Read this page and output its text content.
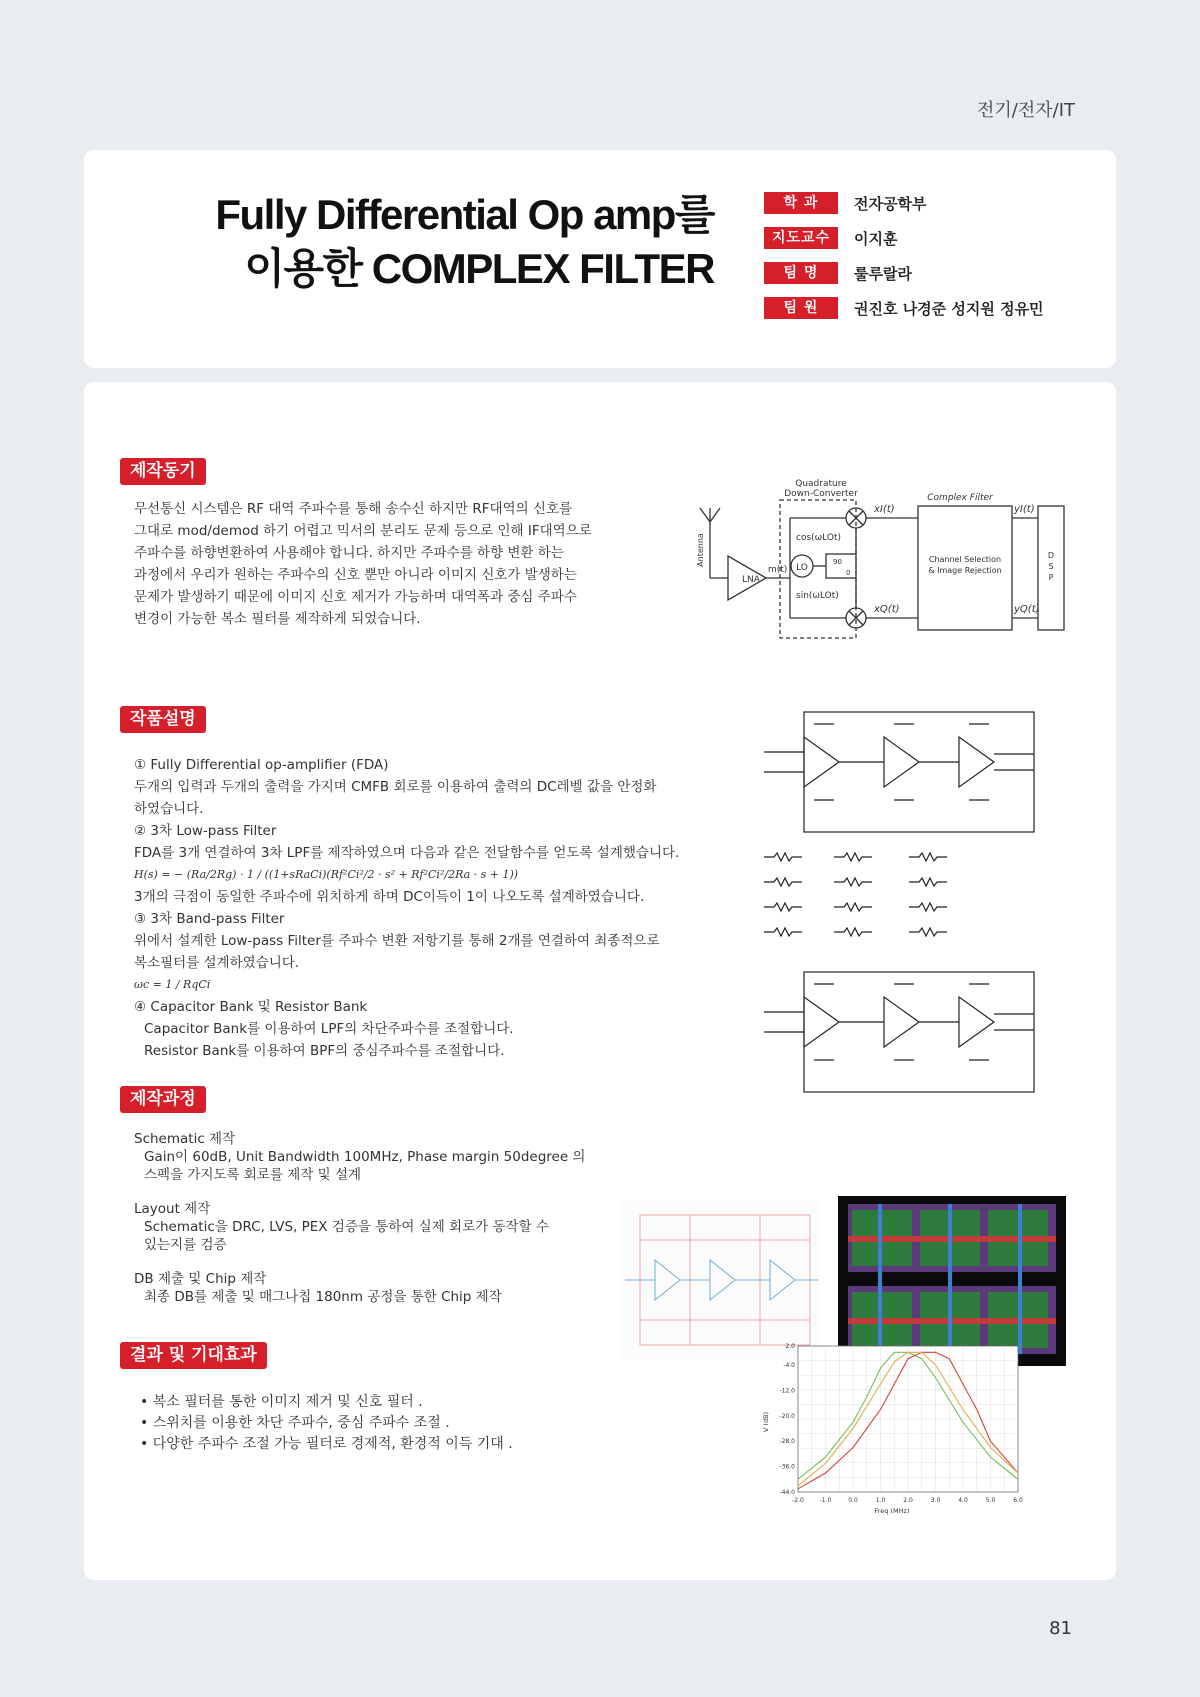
전기/전자/IT
Fully Differential Op amp를
이용한 COMPLEX FILTER
학 과	전자공학부
지도교수	이지훈
팀 명	룰루랄라
팀 원	권진호 나경준 성지원 정유민
제작동기

무선통신 시스템은 RF 대역 주파수를 통해 송수신 하지만 RF대역의 신호를

그대로 mod/demod 하기 어렵고 믹서의 분리도 문제 등으로 인해 IF대역으로

주파수를 하향변환하여 사용해야 합니다. 하지만 주파수를 하향 변환 하는

과정에서 우리가 원하는 주파수의 신호 뿐만 아니라 이미지 신호가 발생하는

문제가 발생하기 때문에 이미지 신호 제거가 가능하며 대역폭과 중심 주파수

변경이 가능한 복소 필터를 제작하게 되었습니다.

Quadrature
Down-Converter	Complex Filter
Antenna
LNA
m(t) LO
90
0
cos(ωLOt)
sin(ωLOt)
xI(t)
xQ(t)
yI(t)
yQ(t)
Channel Selection
& Image Rejection
D
S
P
작품설명

① Fully Differential op-amplifier (FDA)

두개의 입력과 두개의 출력을 가지며 CMFB 회로를 이용하여 출력의 DC레벨 값을 안정화

하였습니다.

② 3차 Low-pass Filter

FDA를 3개 연결하여 3차 LPF를 제작하였으며 다음과 같은 전달함수를 얻도록 설계했습니다.

H(s) = − (Ra/2Rg) · 1 / ((1+sRaCi)(Rf²Ci²/2 · s² + Rf²Ci²/2Ra · s + 1))

3개의 극점이 동일한 주파수에 위치하게 하며 DC이득이 1이 나오도록 설계하였습니다.

③ 3차 Band-pass Filter

위에서 설계한 Low-pass Filter를 주파수 변환 저항기를 통해 2개를 연결하여 최종적으로

복소필터를 설계하였습니다.

ωc = 1 / RqCi

④ Capacitor Bank 및 Resistor Bank

Capacitor Bank를 이용하여 LPF의 차단주파수를 조절합니다.

Resistor Bank를 이용하여 BPF의 중심주파수를 조절합니다.

제작과정

Schematic 제작

Gain이 60dB, Unit Bandwidth 100MHz, Phase margin 50degree 의

스펙을 가지도록 회로를 제작 및 설계

Layout 제작

Schematic을 DRC, LVS, PEX 검증을 통하여 실제 회로가 동작할 수

있는지를 검증

DB 제출 및 Chip 제작

최종 DB를 제출 및 매그나칩 180nm 공정을 통한 Chip 제작

결과 및 기대효과
• 복소 필터를 통한 이미지 제거 및 신호 필터 .
• 스위치를 이용한 차단 주파수, 중심 주파수 조절 .
• 다양한 주파수 조절 가능 필터로 경제적, 환경적 이득 기대 .
2.0
-4.0
-12.0
-20.0
-28.0
-36.0
-44.0
-2.0	-1.0	0.0	1.0	2.0	3.0	4.0	5.0	6.0
V (dB)
Freq (MHz)
81
